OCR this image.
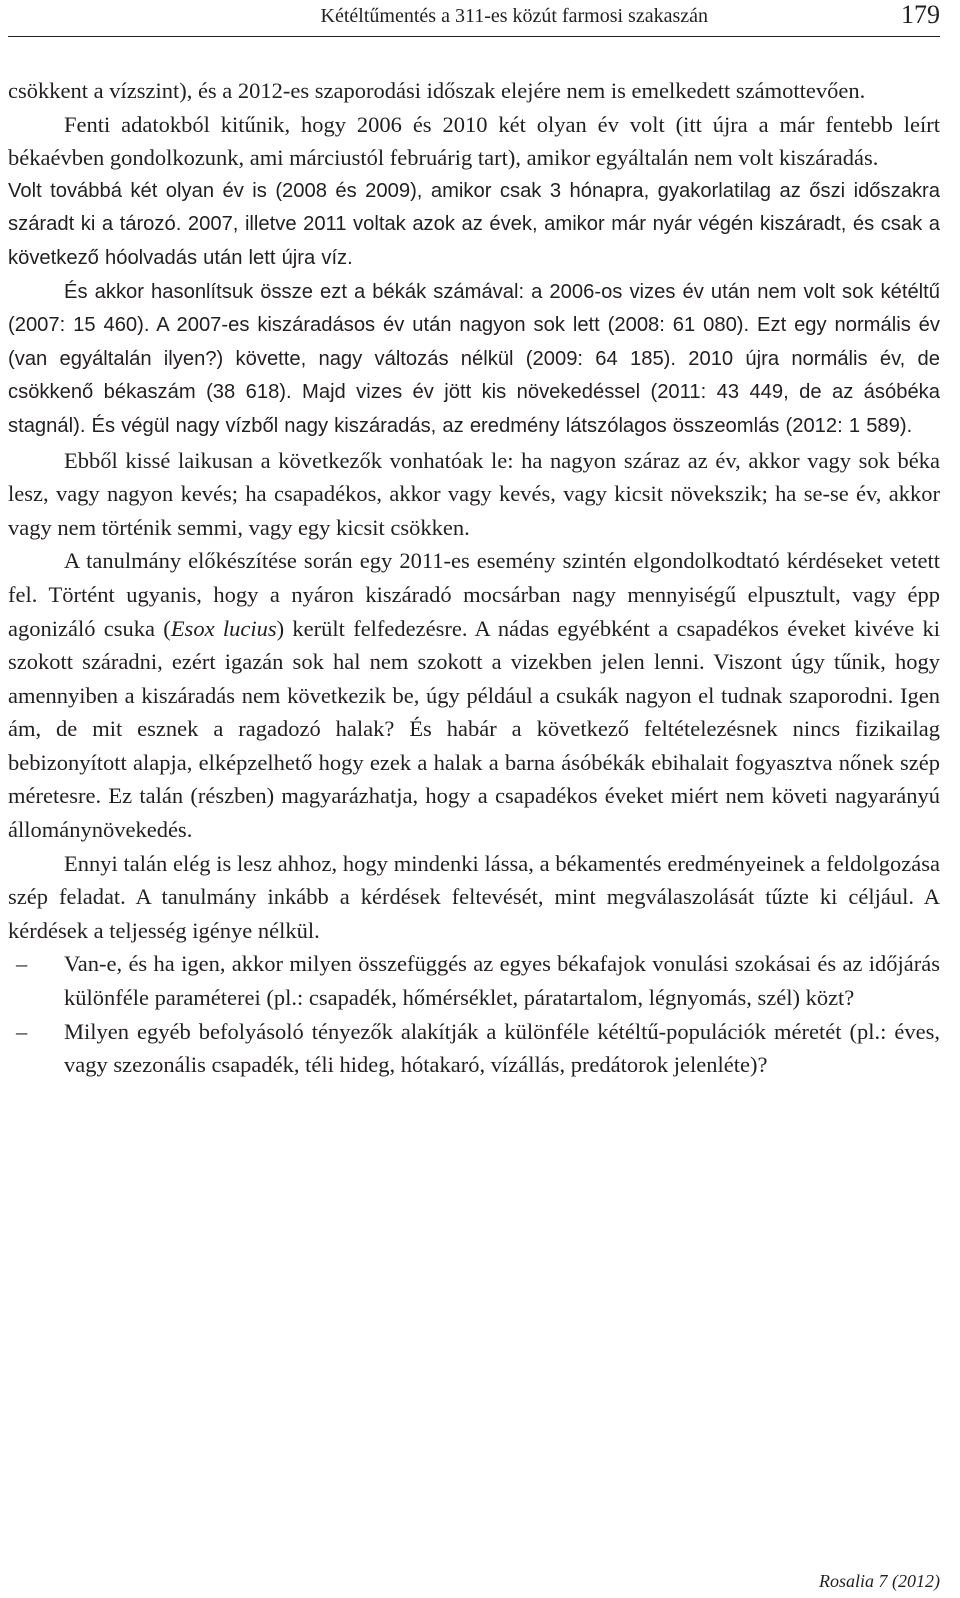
Kétéltűmentés a 311-es közút farmosi szakaszán	179

csökkent a vízszint), és a 2012-es szaporodási időszak elejére nem is emelkedett számottevően.

Fenti adatokból kitűnik, hogy 2006 és 2010 két olyan év volt (itt újra a már fentebb leírt békaévben gondolkozunk, ami márciustól februárig tart), amikor egyáltalán nem volt kiszáradás.

Volt továbbá két olyan év is (2008 és 2009), amikor csak 3 hónapra, gyakorlatilag az őszi időszakra száradt ki a tározó. 2007, illetve 2011 voltak azok az évek, amikor már nyár végén kiszáradt, és csak a következő hóolvadás után lett újra víz.

És akkor hasonlítsuk össze ezt a békák számával: a 2006-os vizes év után nem volt sok kétéltű (2007: 15 460). A 2007-es kiszáradásos év után nagyon sok lett (2008: 61 080). Ezt egy normális év (van egyáltalán ilyen?) követte, nagy változás nélkül (2009: 64 185). 2010 újra normális év, de csökkenő békaszám (38 618). Majd vizes év jött kis növekedéssel (2011: 43 449, de az ásóbéka stagnál). És végül nagy vízből nagy kiszáradás, az eredmény látszólagos összeomlás (2012: 1 589).

Ebből kissé laikusan a következők vonhatóak le: ha nagyon száraz az év, akkor vagy sok béka lesz, vagy nagyon kevés; ha csapadékos, akkor vagy kevés, vagy kicsit növekszik; ha se-se év, akkor vagy nem történik semmi, vagy egy kicsit csökken.

A tanulmány előkészítése során egy 2011-es esemény szintén elgondolkodtató kérdéseket vetett fel. Történt ugyanis, hogy a nyáron kiszáradó mocsárban nagy mennyiségű elpusztult, vagy épp agonizáló csuka (Esox lucius) került felfedezésre. A nádas egyébként a csapadékos éveket kivéve ki szokott száradni, ezért igazán sok hal nem szokott a vizekben jelen lenni. Viszont úgy tűnik, hogy amennyiben a kiszáradás nem következik be, úgy például a csukák nagyon el tudnak szaporodni. Igen ám, de mit esznek a ragadozó halak? És habár a következő feltételezésnek nincs fizikailag bebizonyított alapja, elképzelhető hogy ezek a halak a barna ásóbékák ebihalait fogyasztva nőnek szép méretesre. Ez talán (részben) magyarázhatja, hogy a csapadékos éveket miért nem követi nagyarányú állománynövekedés.

Ennyi talán elég is lesz ahhoz, hogy mindenki lássa, a békamentés eredményeinek a feldolgozása szép feladat. A tanulmány inkább a kérdések feltevését, mint megválaszolását tűzte ki céljául. A kérdések a teljesség igénye nélkül.

– Van-e, és ha igen, akkor milyen összefüggés az egyes békafajok vonulási szokásai és az időjárás különféle paraméterei (pl.: csapadék, hőmérséklet, páratartalom, légnyomás, szél) közt?
– Milyen egyéb befolyásoló tényezők alakítják a különféle kétéltű-populációk méretét (pl.: éves, vagy szezonális csapadék, téli hideg, hótakaró, vízállás, predátorok jelenléte)?
Rosalia 7 (2012)
